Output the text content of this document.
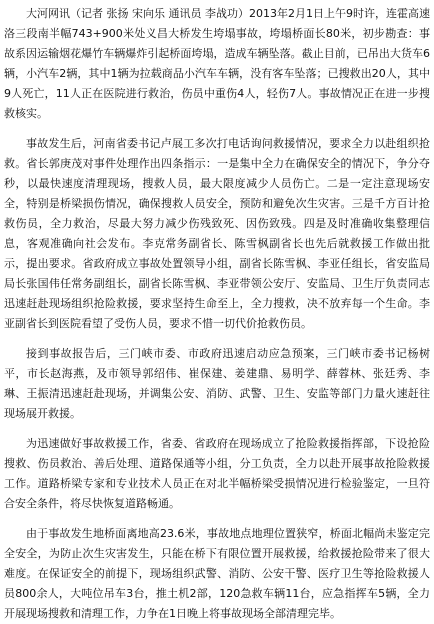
大河网讯（记者 张扬 宋向乐 通讯员 李战功）2013年2月1日上午9时许，连霍高速洛三段南半幅743+900米处义昌大桥发生垮塌事故，垮塌桥面长80米，初步勘查：事故系因运输烟花爆竹车辆爆炸引起桥面垮塌，造成车辆坠落。截止目前，已吊出大货车6辆，小汽车2辆，其中1辆为拉载商品小汽车车辆，没有客车坠落；已搜救出20人，其中9人死亡，11人正在医院进行救治，伤员中重伤4人，轻伤7人。事故情况正在进一步搜救核实。

事故发生后，河南省委书记卢展工多次打电话询问救援情况，要求全力以赴组织抢救。省长郭庚茂对事件处理作出四条指示：一是集中全力在确保安全的情况下，争分夺秒，以最快速度清理现场，搜救人员，最大限度减少人员伤亡。二是一定注意现场安全，特别是桥梁损伤情况，确保搜救人员安全，预防和避免次生灾害。三是千方百计抢救伤员，全力救治，尽最大努力减少伤残致死、因伤致残。四是及时准确收集整理信息，客观准确向社会发布。李克常务副省长、陈雪枫副省长也先后就救援工作做出批示，提出要求。省政府成立事故处置领导小组，副省长陈雪枫、李亚任组长，省安监局局长张国伟任常务副组长，副省长陈雪枫、李亚带领公安厅、安监局、卫生厅负责同志迅速赶赴现场组织抢险救援，要求坚持生命至上，全力搜救，决不放弃每一个生命。李亚副省长到医院看望了受伤人员，要求不惜一切代价抢救伤员。

接到事故报告后，三门峡市委、市政府迅速启动应急预案，三门峡市委书记杨树平，市长赵海燕，及市领导郭绍伟、崔保建、姜建鼎、易明学、薛蓉林、张廷秀、李琳、王振清迅速赶赴现场，并调集公安、消防、武警、卫生、安监等部门力量火速赶往现场展开救援。

为迅速做好事故救援工作，省委、省政府在现场成立了抢险救援指挥部，下设抢险搜救、伤员救治、善后处理、道路保通等小组，分工负责，全力以赴开展事故抢险救援工作。道路桥梁专家和专业技术人员正在对北半幅桥梁受损情况进行检验鉴定，一旦符合安全条件，将尽快恢复道路畅通。

由于事故发生地桥面离地高23.6米，事故地点地理位置狭窄，桥面北幅尚未鉴定完全安全，为防止次生灾害发生，只能在桥下有限位置开展救援，给救援抢险带来了很大难度。在保证安全的前提下，现场组织武警、消防、公安干警、医疗卫生等抢险救援人员800余人，大吨位吊车3台，推土机2部，120急救车辆11台，应急指挥车5辆，全力开展现场搜救和清理工作，力争在1日晚上将事故现场全部清理完毕。
